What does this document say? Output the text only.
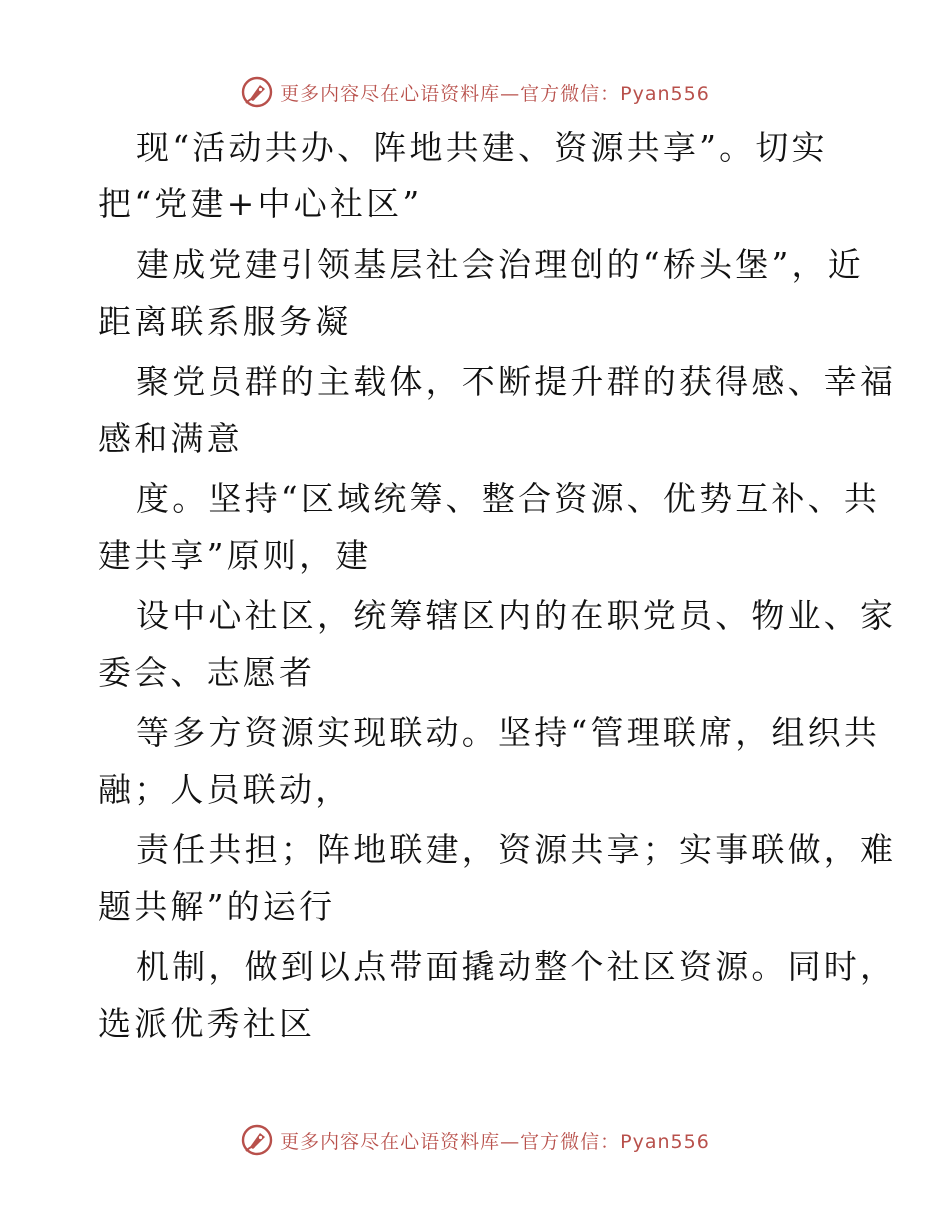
更多内容尽在心语资料库—官方微信：Pyan556
现“活动共办、阵地共建、资源共享”。切实
把“党建+中心社区”
建成党建引领基层社会治理创的“桥头堡”，近
距离联系服务凝
聚党员群的主载体，不断提升群的获得感、幸福
感和满意
度。坚持“区域统筹、整合资源、优势互补、共
建共享”原则，建
设中心社区，统筹辖区内的在职党员、物业、家
委会、志愿者
等多方资源实现联动。坚持“管理联席，组织共
融；人员联动，
责任共担；阵地联建，资源共享；实事联做，难
题共解”的运行
机制，做到以点带面撬动整个社区资源。同时，
选派优秀社区
更多内容尽在心语资料库—官方微信：Pyan556
